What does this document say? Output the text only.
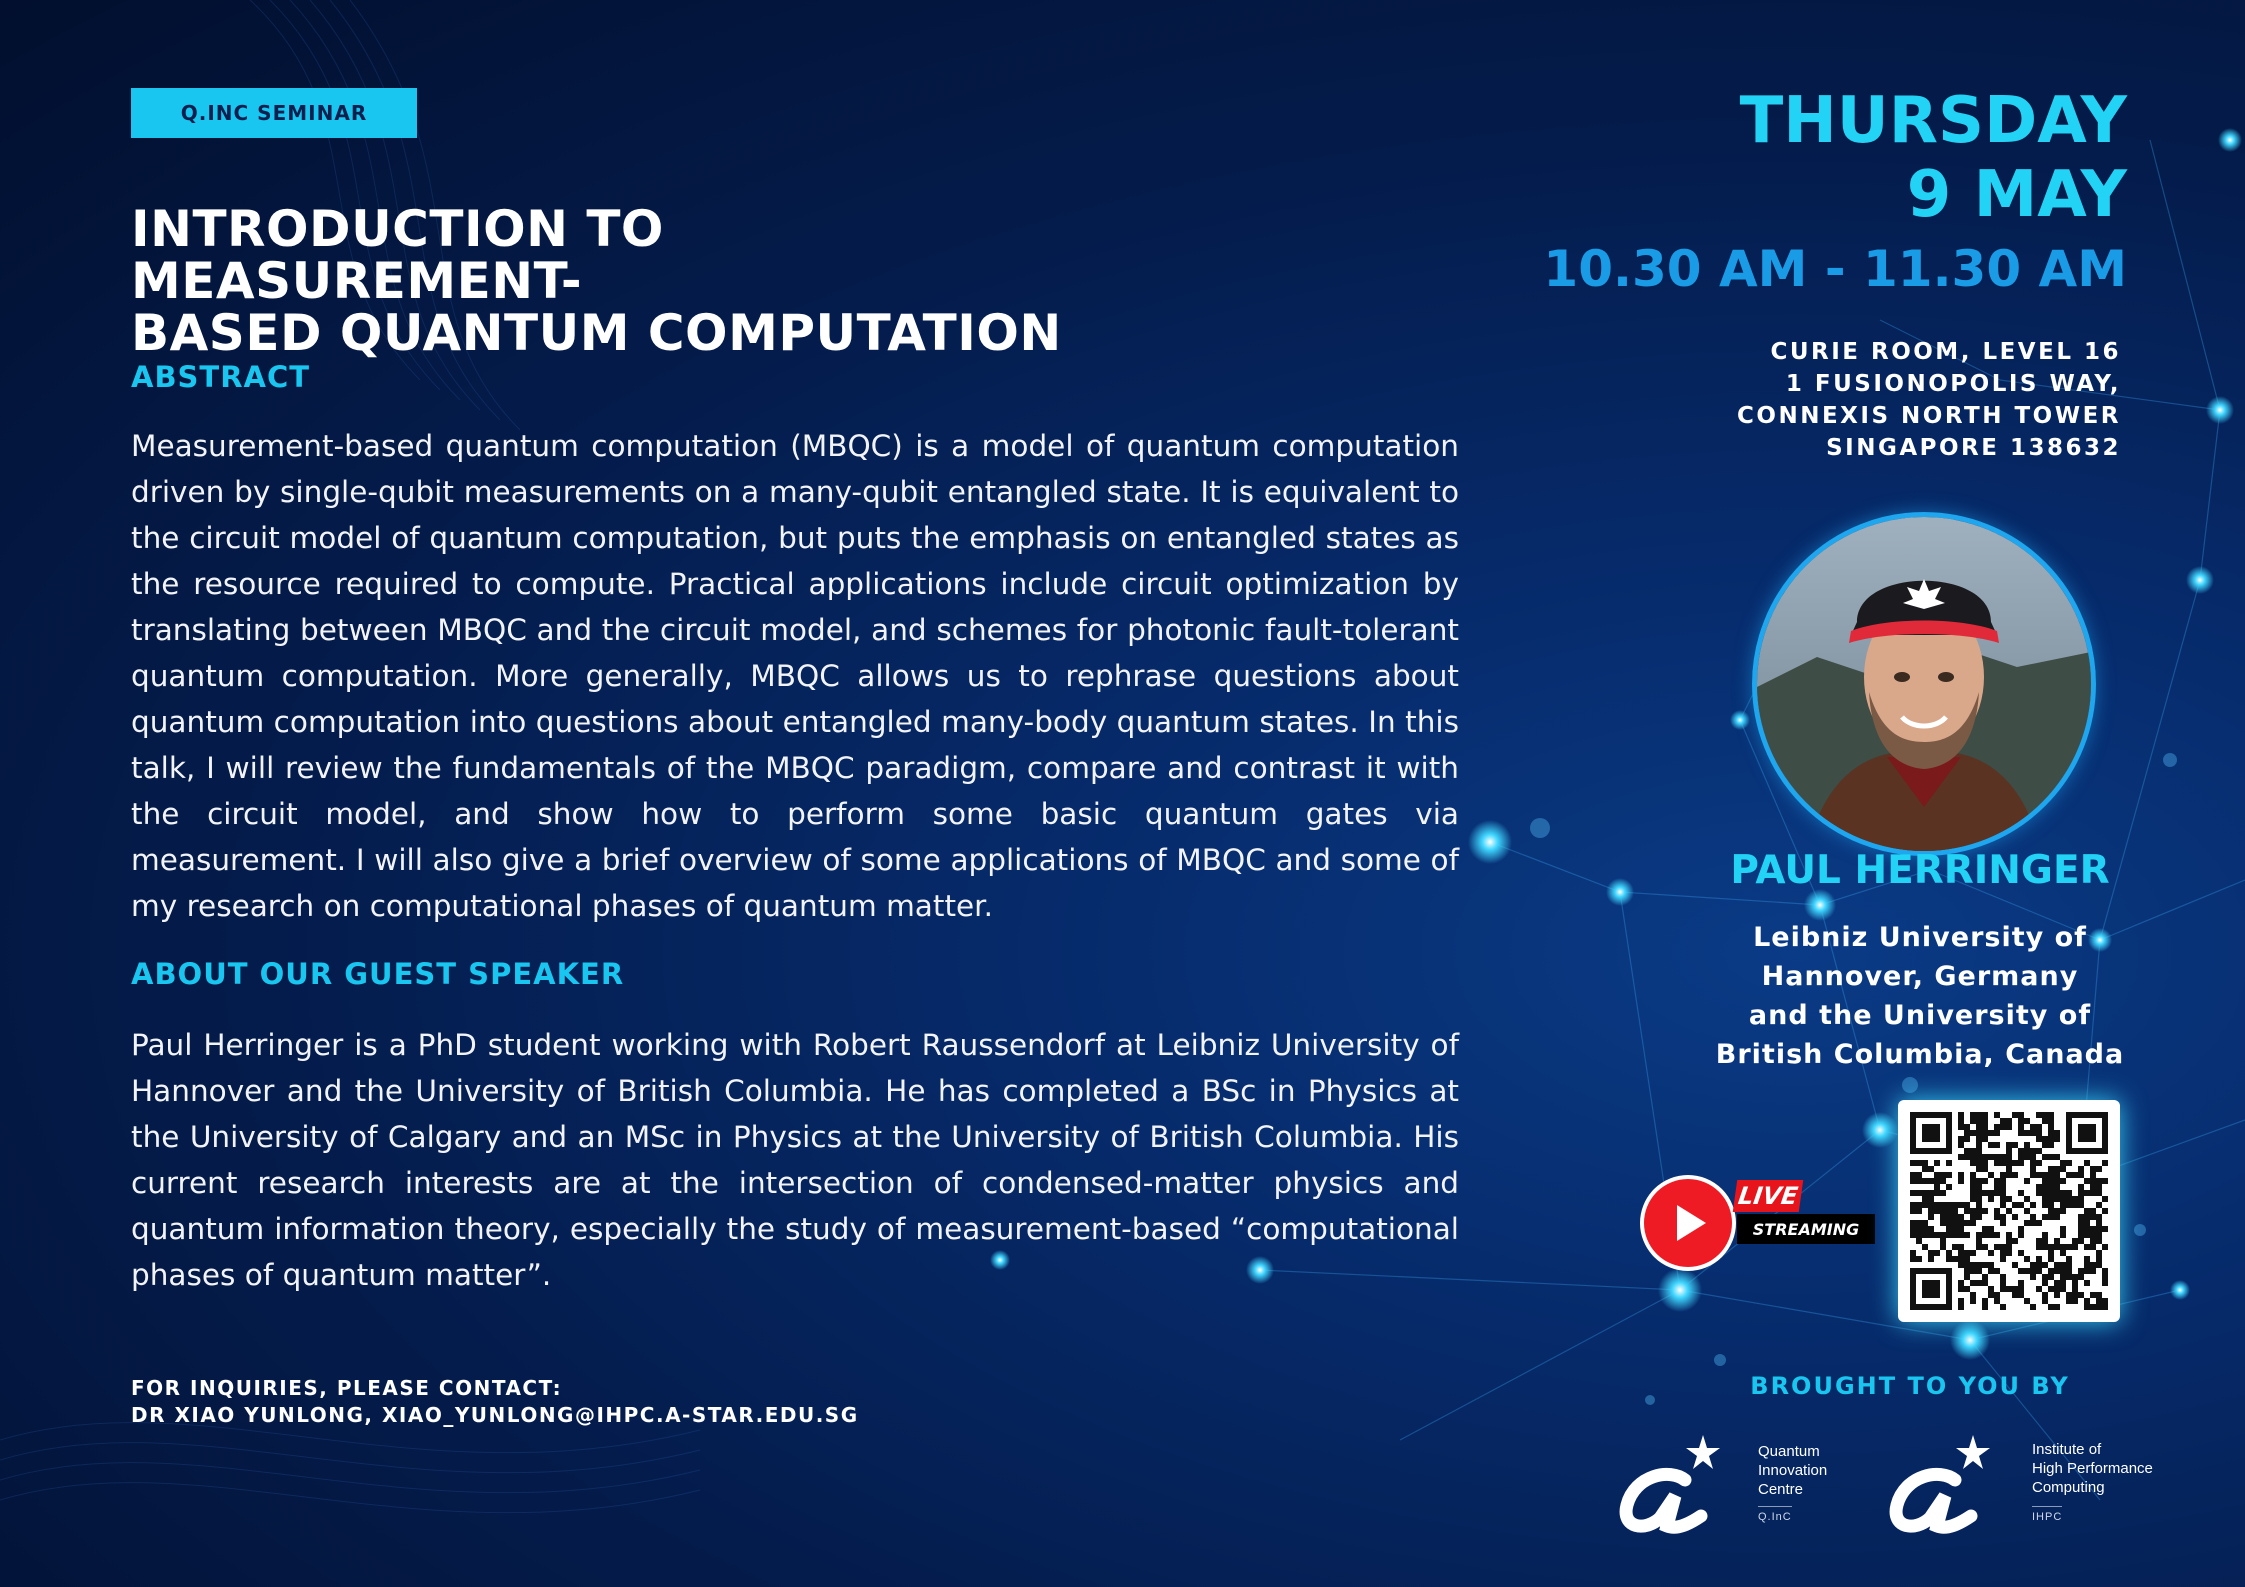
Q.INC SEMINAR
INTRODUCTION TO MEASUREMENT-
BASED QUANTUM COMPUTATION
ABSTRACT

Measurement-based quantum computation (MBQC) is a model of quantum computation driven by single-qubit measurements on a many-qubit entangled state. It is equivalent to the circuit model of quantum computation, but puts the emphasis on entangled states as the resource required to compute. Practical applications include circuit optimization by translating between MBQC and the circuit model, and schemes for photonic fault-tolerant quantum computation. More generally, MBQC allows us to rephrase questions about quantum computation into questions about entangled many-body quantum states. In this talk, I will review the fundamentals of the MBQC paradigm, compare and contrast it with the circuit model, and show how to perform some basic quantum gates via measurement. I will also give a brief overview of some applications of MBQC and some of my research on computational phases of quantum matter.

ABOUT OUR GUEST SPEAKER

Paul Herringer is a PhD student working with Robert Raussendorf at Leibniz University of Hannover and the University of British Columbia. He has completed a BSc in Physics at the University of Calgary and an MSc in Physics at the University of British Columbia. His current research interests are at the intersection of condensed-matter physics and quantum information theory, especially the study of measurement-based “computational phases of quantum matter”.

FOR INQUIRIES, PLEASE CONTACT:
DR XIAO YUNLONG, XIAO_YUNLONG@IHPC.A-STAR.EDU.SG
THURSDAY
9 MAY
10.30 AM - 11.30 AM
CURIE ROOM, LEVEL 16
1 FUSIONOPOLIS WAY,
CONNEXIS NORTH TOWER
SINGAPORE 138632
PAUL HERRINGER
Leibniz University of
Hannover, Germany
and the University of
British Columbia, Canada
LIVE
STREAMING
BROUGHT TO YOU BY
Quantum
Innovation
Centre
Q.InC
Institute of
High Performance
Computing
IHPC
